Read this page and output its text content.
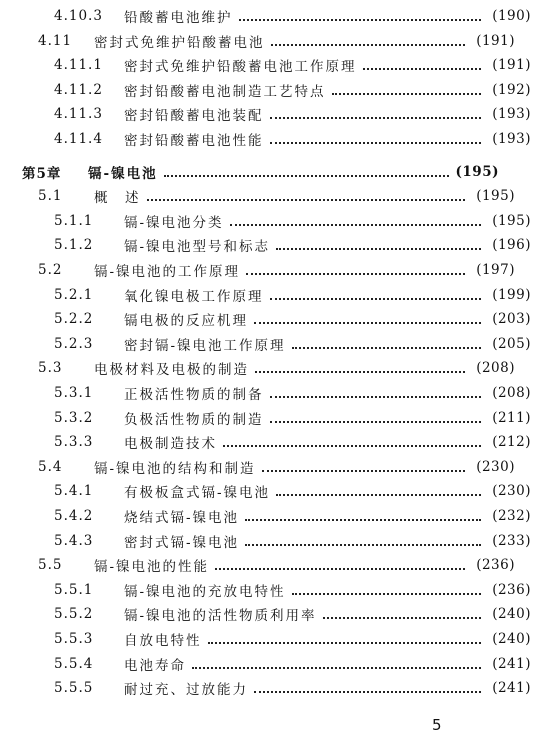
4.10.3	铅酸蓄电池维护	(190)
4.11	密封式免维护铅酸蓄电池	(191)
4.11.1	密封式免维护铅酸蓄电池工作原理	(191)
4.11.2	密封铅酸蓄电池制造工艺特点	(192)
4.11.3	密封铅酸蓄电池装配	(193)
4.11.4	密封铅酸蓄电池性能	(193)
第5章	镉-镍电池	(195)
5.1	概　述	(195)
5.1.1	镉-镍电池分类	(195)
5.1.2	镉-镍电池型号和标志	(196)
5.2	镉-镍电池的工作原理	(197)
5.2.1	氧化镍电极工作原理	(199)
5.2.2	镉电极的反应机理	(203)
5.2.3	密封镉-镍电池工作原理	(205)
5.3	电极材料及电极的制造	(208)
5.3.1	正极活性物质的制备	(208)
5.3.2	负极活性物质的制造	(211)
5.3.3	电极制造技术	(212)
5.4	镉-镍电池的结构和制造	(230)
5.4.1	有极板盒式镉-镍电池	(230)
5.4.2	烧结式镉-镍电池	(232)
5.4.3	密封式镉-镍电池	(233)
5.5	镉-镍电池的性能	(236)
5.5.1	镉-镍电池的充放电特性	(236)
5.5.2	镉-镍电池的活性物质利用率	(240)
5.5.3	自放电特性	(240)
5.5.4	电池寿命	(241)
5.5.5	耐过充、过放能力	(241)
5
